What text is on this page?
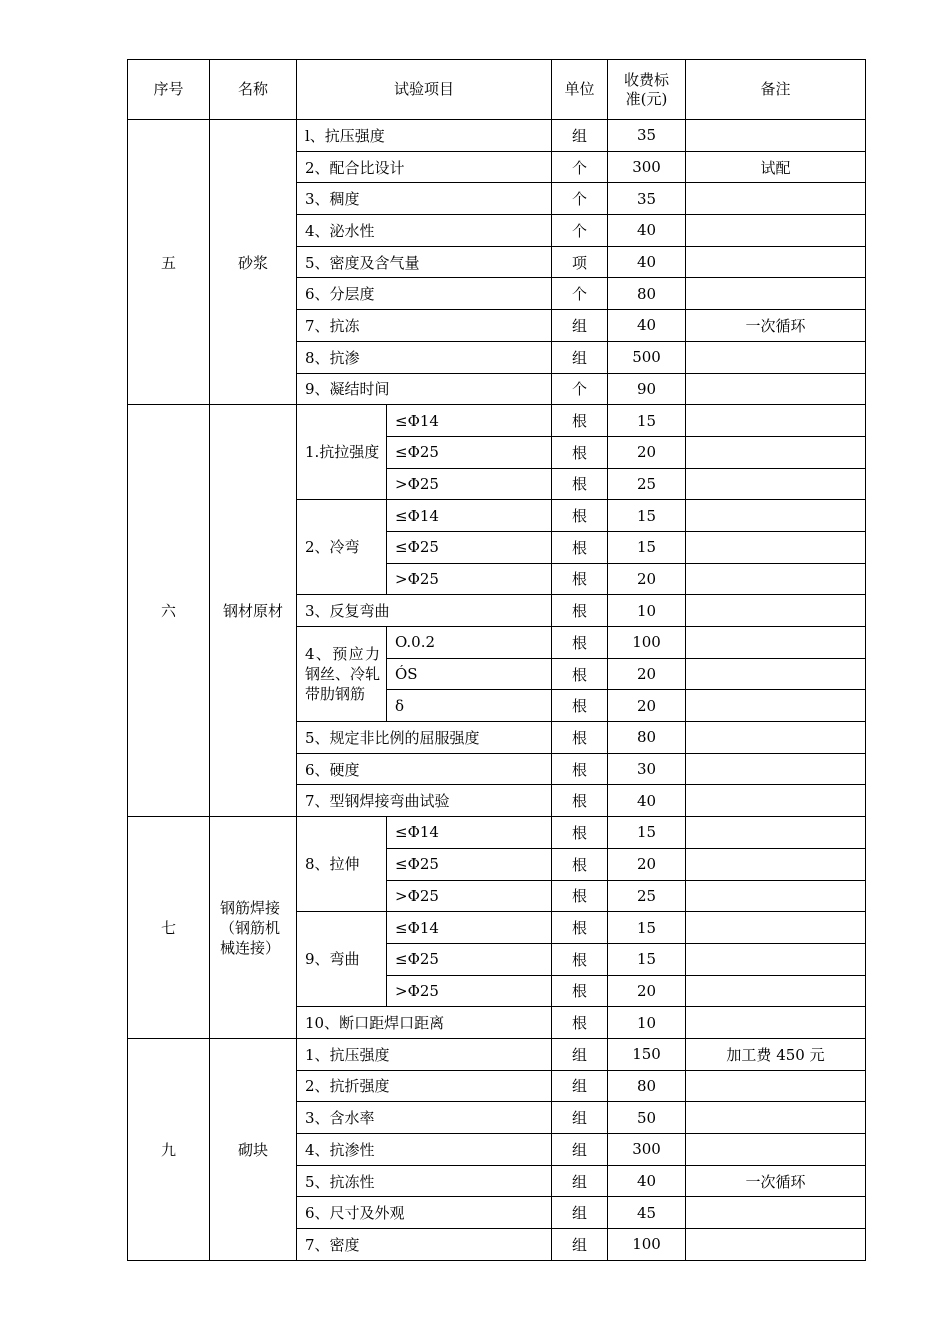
序号	名称	试验项目		单位	收费标准(元)	备注
五	砂浆	l、抗压强度		组	35	
		2、配合比设计		个	300	试配
		3、稠度		个	35	
		4、泌水性		个	40	
		5、密度及含气量		项	40	
		6、分层度		个	80	
		7、抗冻		组	40	一次循环
		8、抗渗		组	500	
		9、凝结时间		个	90	
六	钢材原材	1.抗拉强度	≤Φ14	根	15	
			≤Φ25	根	20	
			>Φ25	根	25	
		2、冷弯	≤Φ14	根	15	
			≤Φ25	根	15	
			>Φ25	根	20	
		3、反复弯曲		根	10	
		4、预应力钢丝、冷轧带肋钢筋	O.0.2	根	100	
			ÓS	根	20	
			δ	根	20	
		5、规定非比例的屈服强度		根	80	
		6、硬度		根	30	
		7、型钢焊接弯曲试验		根	40	
七	钢筋焊接（钢筋机械连接）	8、拉伸	≤Φ14	根	15	
			≤Φ25	根	20	
			>Φ25	根	25	
		9、弯曲	≤Φ14	根	15	
			≤Φ25	根	15	
			>Φ25	根	20	
		10、断口距焊口距离		根	10	
九	砌块	1、抗压强度		组	150	加工费 450 元
		2、抗折强度		组	80	
		3、含水率		组	50	
		4、抗渗性		组	300	
		5、抗冻性		组	40	一次循环
		6、尺寸及外观		组	45	
		7、密度		组	100	
